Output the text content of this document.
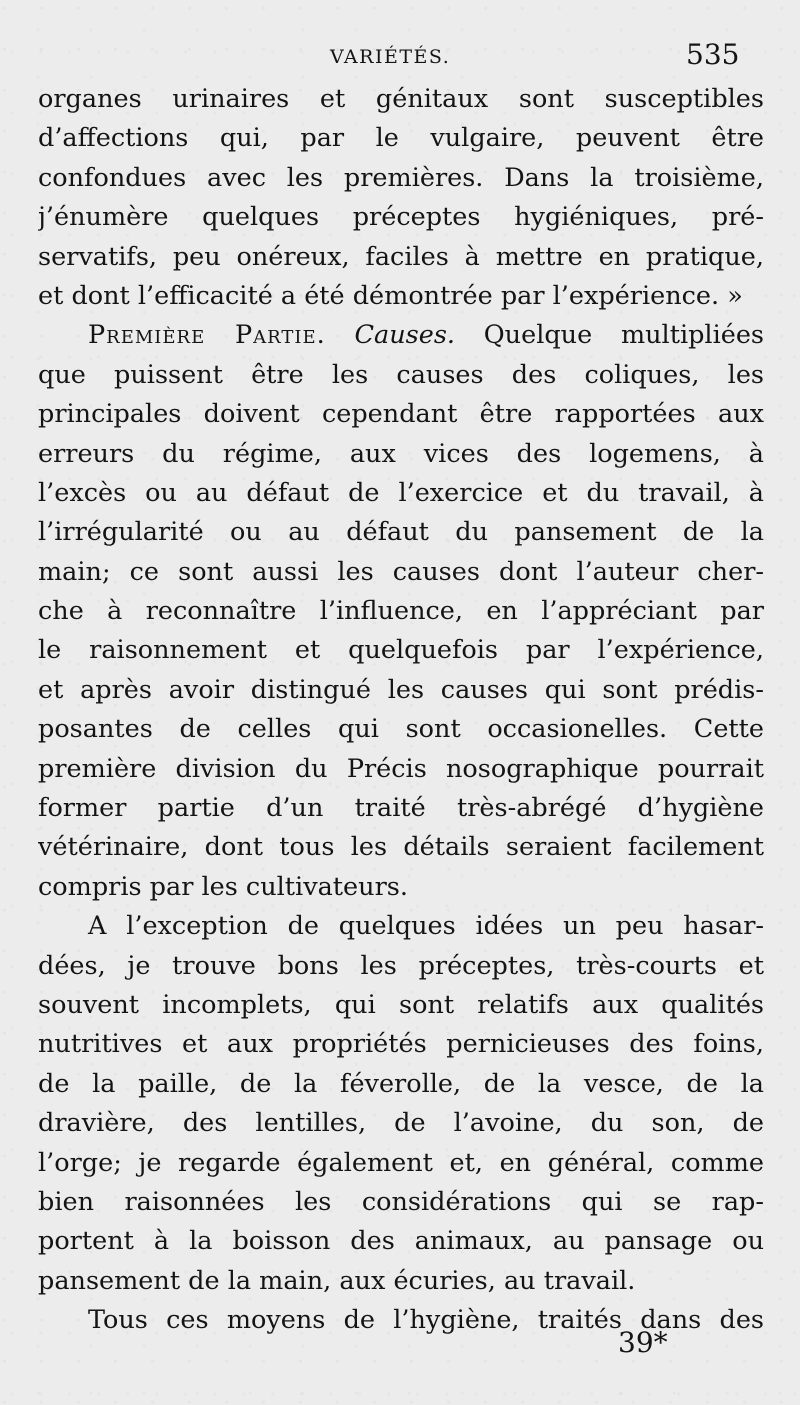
VARIÉTÉS.	535
organes urinaires et génitaux sont susceptibles
d’affections qui, par le vulgaire, peuvent être
confondues avec les premières. Dans la troisième,
j’énumère quelques préceptes hygiéniques, pré-
servatifs, peu onéreux, faciles à mettre en pratique,
et dont l’efficacité a été démontrée par l’expérience. »
Première Partie. Causes. Quelque multipliées
que puissent être les causes des coliques, les
principales doivent cependant être rapportées aux
erreurs du régime, aux vices des logemens, à
l’excès ou au défaut de l’exercice et du travail, à
l’irrégularité ou au défaut du pansement de la
main; ce sont aussi les causes dont l’auteur cher-
che à reconnaître l’influence, en l’appréciant par
le raisonnement et quelquefois par l’expérience,
et après avoir distingué les causes qui sont prédis-
posantes de celles qui sont occasionelles. Cette
première division du Précis nosographique pourrait
former partie d’un traité très-abrégé d’hygiène
vétérinaire, dont tous les détails seraient facilement
compris par les cultivateurs.
A l’exception de quelques idées un peu hasar-
dées, je trouve bons les préceptes, très-courts et
souvent incomplets, qui sont relatifs aux qualités
nutritives et aux propriétés pernicieuses des foins,
de la paille, de la féverolle, de la vesce, de la
dravière, des lentilles, de l’avoine, du son, de
l’orge; je regarde également et, en général, comme
bien raisonnées les considérations qui se rap-
portent à la boisson des animaux, au pansage ou
pansement de la main, aux écuries, au travail.
Tous ces moyens de l’hygiène, traités dans des
39*
